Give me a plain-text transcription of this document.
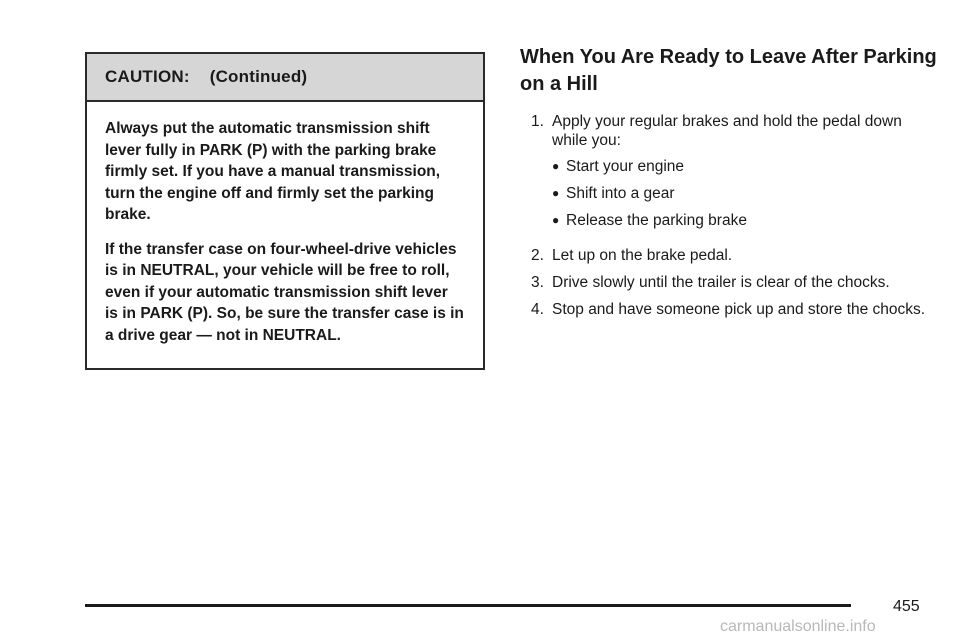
CAUTION: (Continued)

Always put the automatic transmission shift lever fully in PARK (P) with the parking brake firmly set. If you have a manual transmission, turn the engine off and firmly set the parking brake.

If the transfer case on four-wheel-drive vehicles is in NEUTRAL, your vehicle will be free to roll, even if your automatic transmission shift lever is in PARK (P). So, be sure the transfer case is in a drive gear — not in NEUTRAL.

When You Are Ready to Leave After Parking on a Hill
1. Apply your regular brakes and hold the pedal down while you:
● Start your engine
● Shift into a gear
● Release the parking brake
2. Let up on the brake pedal.
3. Drive slowly until the trailer is clear of the chocks.
4. Stop and have someone pick up and store the chocks.
455
carmanualsonline.info
